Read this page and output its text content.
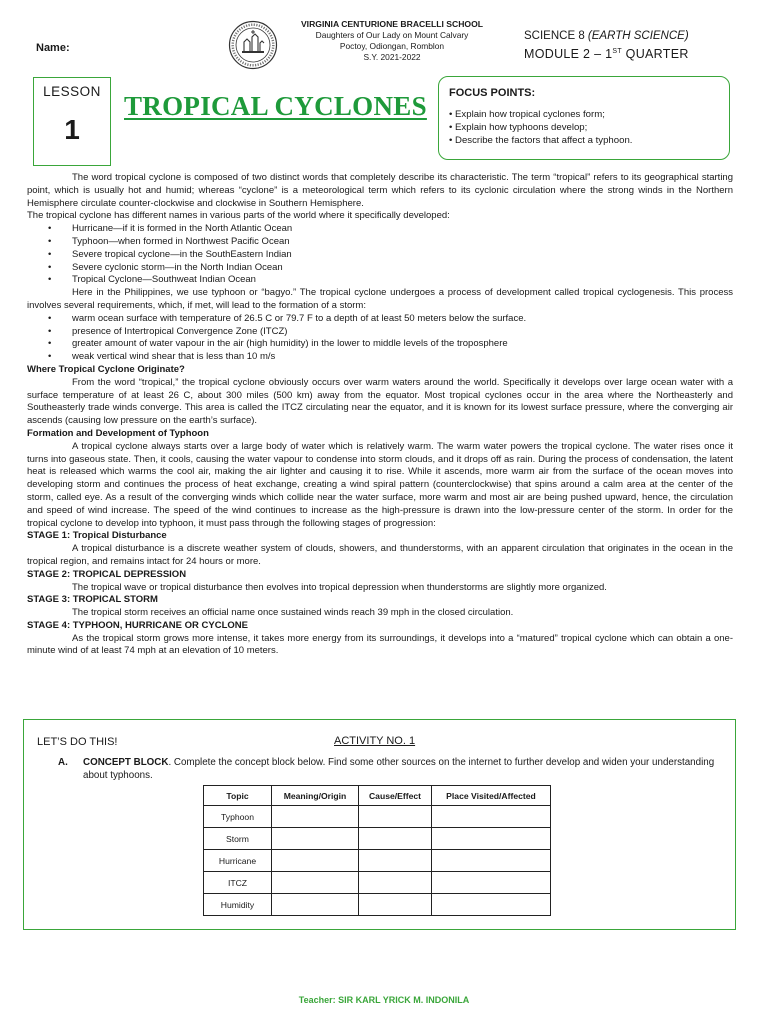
Name:
VIRGINIA CENTURIONE BRACELLI SCHOOL
Daughters of Our Lady on Mount Calvary
Poctoy, Odiongan, Romblon
S.Y. 2021-2022
SCIENCE 8 (EARTH SCIENCE)
MODULE 2 – 1ST QUARTER
LESSON
1
TROPICAL CYCLONES FOCUS POINTS:
• Explain how tropical cyclones form;
• Explain how typhoons develop;
• Describe the factors that affect a typhoon.

The word tropical cyclone is composed of two distinct words that completely describe its characteristic. The term “tropical” refers to its geographical starting point, which is usually hot and humid; whereas “cyclone” is a meteorological term which refers to its cyclonic circulation where the strong winds in the Northern Hemisphere circulate counter-clockwise and clockwise in Southern Hemisphere.

The tropical cyclone has different names in various parts of the world where it specifically developed:

• Hurricane—if it is formed in the North Atlantic Ocean

• Typhoon—when formed in Northwest Pacific Ocean

• Severe tropical cyclone—in the SouthEastern Indian

• Severe cyclonic storm—in the North Indian Ocean

• Tropical Cyclone—Southweat Indian Ocean

Here in the Philippines, we use typhoon or “bagyo.” The tropical cyclone undergoes a process of development called tropical cyclogenesis. This process involves several requirements, which, if met, will lead to the formation of a storm:

• warm ocean surface with temperature of 26.5 C or 79.7 F to a depth of at least 50 meters below the surface.

• presence of Intertropical Convergence Zone (ITCZ)

• greater amount of water vapour in the air (high humidity) in the lower to middle levels of the troposphere

• weak vertical wind shear that is less than 10 m/s

Where Tropical Cyclone Originate?

From the word “tropical,” the tropical cyclone obviously occurs over warm waters around the world. Specifically it develops over large ocean water with a surface temperature of at least 26 C, about 300 miles (500 km) away from the equator. Most tropical cyclones occur in the area where the Northeasterly and Southeasterly trade winds converge. This area is called the ITCZ circulating near the equator, and it is known for its lowest surface pressure, where the converging air ascends (causing low pressure on the earth’s surface).

Formation and Development of Typhoon

A tropical cyclone always starts over a large body of water which is relatively warm. The warm water powers the tropical cyclone. The water rises once it turns into gaseous state. Then, it cools, causing the water vapour to condense into storm clouds, and it drops off as rain. During the process of condensation, the latent heat is released which warms the cool air, making the air lighter and causing it to rise. While it ascends, more warm air from the surface of the ocean moves into developing storm and continues the process of heat exchange, creating a wind spiral pattern (counterclockwise) that spins around a calm area at the center of the storm, called eye. As a result of the converging winds which collide near the water surface, more warm and most air are being pushed upward, hence, the circulation and speed of wind increase. The speed of the wind continues to increase as the high-pressure is drawn into the low-pressure center of the storm. In order for the tropical cyclone to develop into typhoon, it must pass through the following stages of progression:

STAGE 1: Tropical Disturbance

A tropical disturbance is a discrete weather system of clouds, showers, and thunderstorms, with an apparent circulation that originates in the ocean in the tropical region, and remains intact for 24 hours or more.

STAGE 2: TROPICAL DEPRESSION

The tropical wave or tropical disturbance then evolves into tropical depression when thunderstorms are slightly more organized.

STAGE 3: TROPICAL STORM

The tropical storm receives an official name once sustained winds reach 39 mph in the closed circulation.

STAGE 4: TYPHOON, HURRICANE OR CYCLONE

As the tropical storm grows more intense, it takes more energy from its surroundings, it develops into a “matured” tropical cyclone which can obtain a one-minute wind of at least 74 mph at an elevation of 10 meters.

LET’S DO THIS!	ACTIVITY NO. 1
A. CONCEPT BLOCK. Complete the concept block below. Find some other sources on the internet to further develop and widen your understanding about typhoons.
Topic	Meaning/Origin	Cause/Effect	Place Visited/Affected
Typhoon			
Storm			
Hurricane			
ITCZ			
Humidity			
Teacher: SIR KARL YRICK M. INDONILA
